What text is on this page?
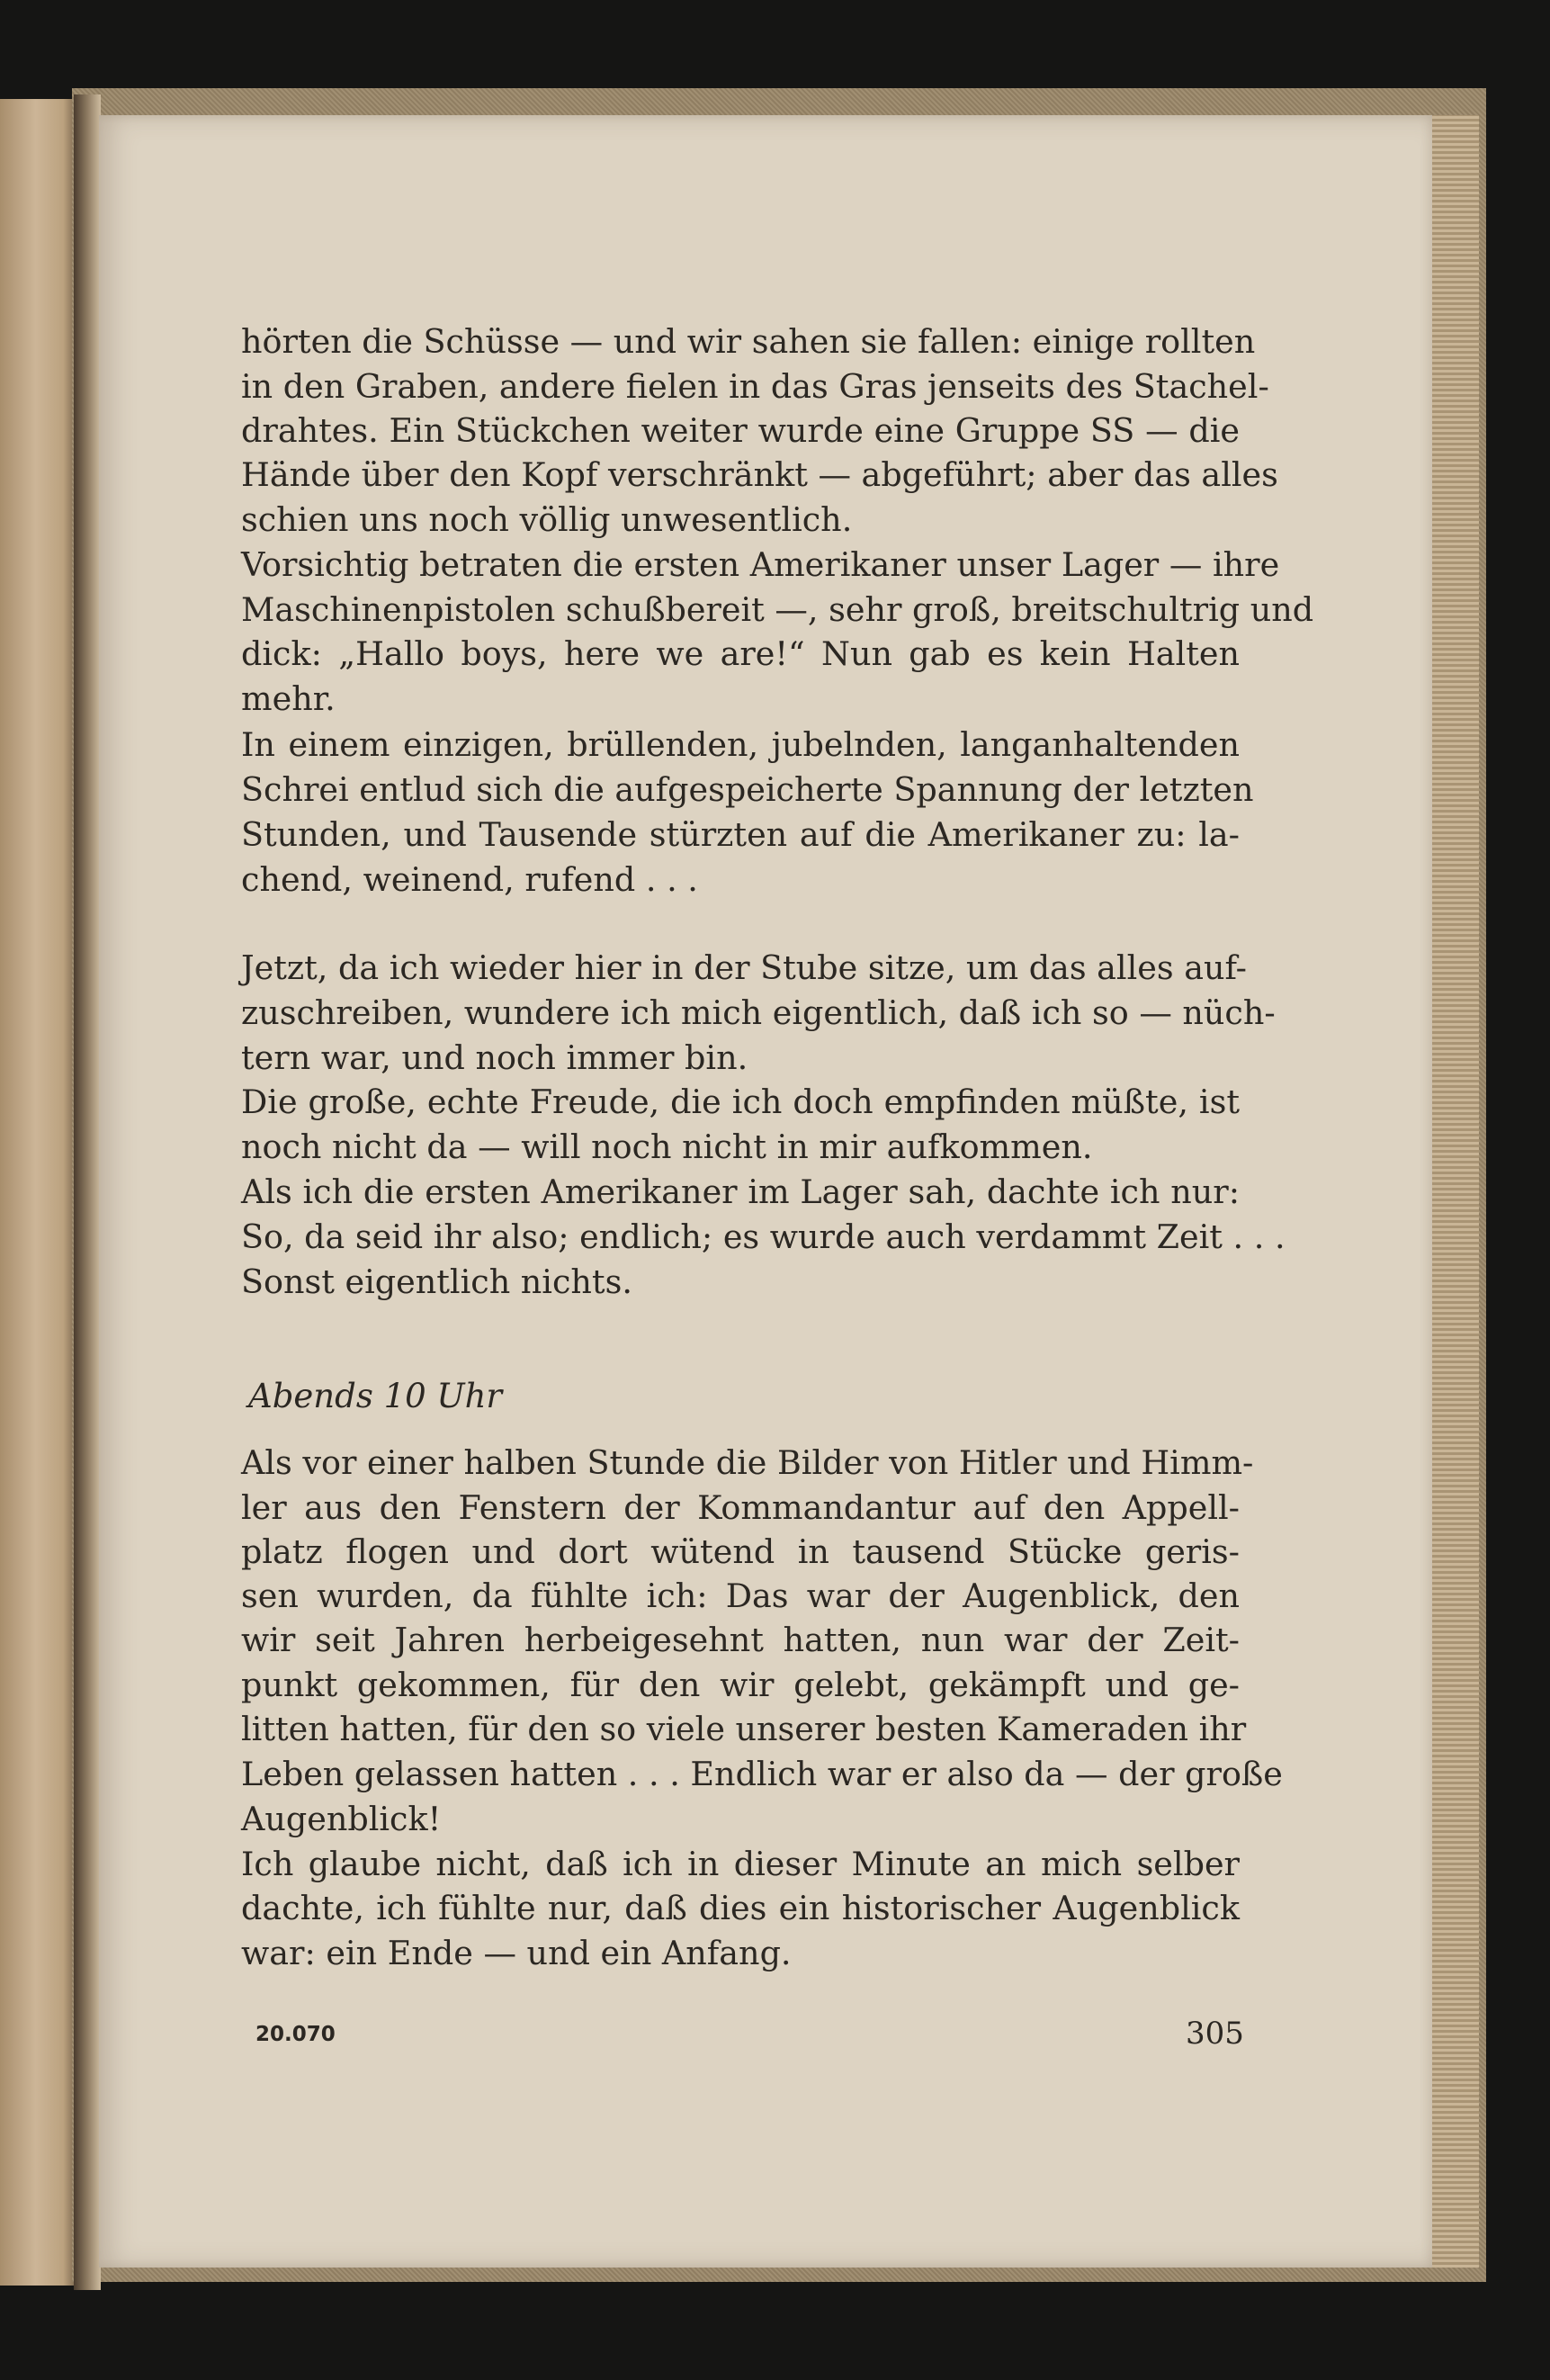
hörten die Schüsse — und wir sahen sie fallen: einige rollten

in den Graben, andere fielen in das Gras jenseits des Stachel-

drahtes. Ein Stückchen weiter wurde eine Gruppe SS — die

Hände über den Kopf verschränkt — abgeführt; aber das alles

schien uns noch völlig unwesentlich.

Vorsichtig betraten die ersten Amerikaner unser Lager — ihre

Maschinenpistolen schußbereit —, sehr groß, breitschultrig und

dick: „Hallo boys, here we are!“ Nun gab es kein Halten

mehr.

In einem einzigen, brüllenden, jubelnden, langanhaltenden

Schrei entlud sich die aufgespeicherte Spannung der letzten

Stunden, und Tausende stürzten auf die Amerikaner zu: la-

chend, weinend, rufend . . .

Jetzt, da ich wieder hier in der Stube sitze, um das alles auf-

zuschreiben, wundere ich mich eigentlich, daß ich so — nüch-

tern war, und noch immer bin.

Die große, echte Freude, die ich doch empfinden müßte, ist

noch nicht da — will noch nicht in mir aufkommen.

Als ich die ersten Amerikaner im Lager sah, dachte ich nur:

So, da seid ihr also; endlich; es wurde auch verdammt Zeit . . .

Sonst eigentlich nichts.

Abends 10 Uhr

Als vor einer halben Stunde die Bilder von Hitler und Himm-

ler aus den Fenstern der Kommandantur auf den Appell-

platz flogen und dort wütend in tausend Stücke geris-

sen wurden, da fühlte ich: Das war der Augenblick, den

wir seit Jahren herbeigesehnt hatten, nun war der Zeit-

punkt gekommen, für den wir gelebt, gekämpft und ge-

litten hatten, für den so viele unserer besten Kameraden ihr

Leben gelassen hatten . . . Endlich war er also da — der große

Augenblick!

Ich glaube nicht, daß ich in dieser Minute an mich selber

dachte, ich fühlte nur, daß dies ein historischer Augenblick

war: ein Ende — und ein Anfang.

20.070	305
